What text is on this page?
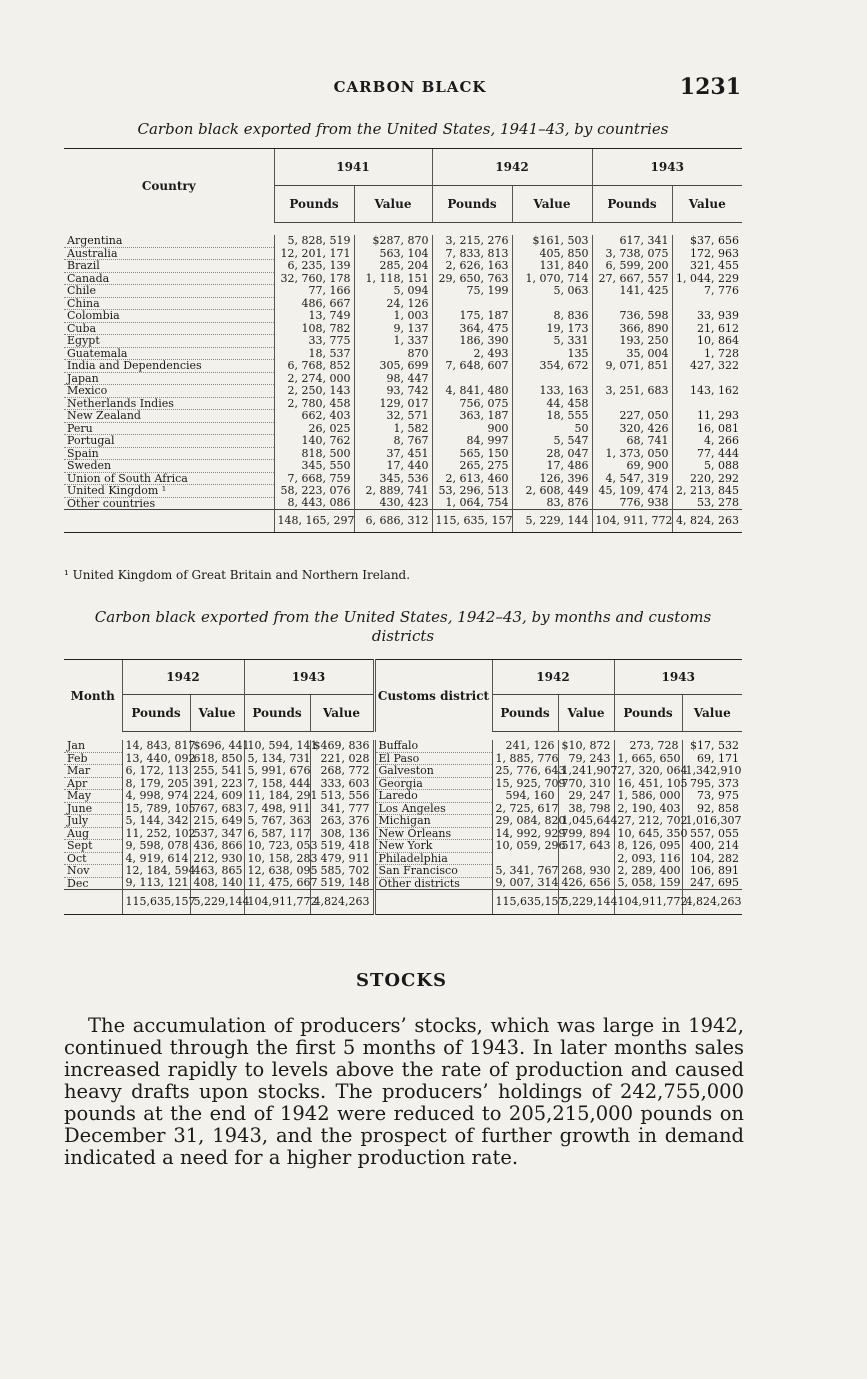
CARBON BLACK	1231
Carbon black exported from the United States, 1941–43, by countries
Country	1941		1942		1943	
	Pounds	Value	Pounds	Value	Pounds	Value

Argentina	5, 828, 519	$287, 870	3, 215, 276	$161, 503	617, 341	$37, 656
Australia	12, 201, 171	563, 104	7, 833, 813	405, 850	3, 738, 075	172, 963
Brazil	6, 235, 139	285, 204	2, 626, 163	131, 840	6, 599, 200	321, 455
Canada	32, 760, 178	1, 118, 151	29, 650, 763	1, 070, 714	27, 667, 557	1, 044, 229
Chile	77, 166	5, 094	75, 199	5, 063	141, 425	7, 776
China	486, 667	24, 126				
Colombia	13, 749	1, 003	175, 187	8, 836	736, 598	33, 939
Cuba	108, 782	9, 137	364, 475	19, 173	366, 890	21, 612
Egypt	33, 775	1, 337	186, 390	5, 331	193, 250	10, 864
Guatemala	18, 537	870	2, 493	135	35, 004	1, 728
India and Dependencies	6, 768, 852	305, 699	7, 648, 607	354, 672	9, 071, 851	427, 322
Japan	2, 274, 000	98, 447				
Mexico	2, 250, 143	93, 742	4, 841, 480	133, 163	3, 251, 683	143, 162
Netherlands Indies	2, 780, 458	129, 017	756, 075	44, 458		
New Zealand	662, 403	32, 571	363, 187	18, 555	227, 050	11, 293
Peru	26, 025	1, 582	900	50	320, 426	16, 081
Portugal	140, 762	8, 767	84, 997	5, 547	68, 741	4, 266
Spain	818, 500	37, 451	565, 150	28, 047	1, 373, 050	77, 444
Sweden	345, 550	17, 440	265, 275	17, 486	69, 900	5, 088
Union of South Africa	7, 668, 759	345, 536	2, 613, 460	126, 396	4, 547, 319	220, 292
United Kingdom ¹	58, 223, 076	2, 889, 741	53, 296, 513	2, 608, 449	45, 109, 474	2, 213, 845
Other countries	8, 443, 086	430, 423	1, 064, 754	83, 876	776, 938	53, 278
	148, 165, 297	6, 686, 312	115, 635, 157	5, 229, 144	104, 911, 772	4, 824, 263
¹ United Kingdom of Great Britain and Northern Ireland.
Carbon black exported from the United States, 1942–43, by months and customs
districts
Month	1942		1943		Customs district	1942		1943	
	Pounds	Value	Pounds	Value		Pounds	Value	Pounds	Value

Jan	14, 843, 817	$696, 441	10, 594, 141	$469, 836	Buffalo	241, 126	$10, 872	273, 728	$17, 532
Feb	13, 440, 092	618, 850	5, 134, 731	221, 028	El Paso	1, 885, 776	79, 243	1, 665, 650	69, 171
Mar	6, 172, 113	255, 541	5, 991, 676	268, 772	Galveston	25, 776, 643	1,241,907	27, 320, 064	1,342,910
Apr	8, 179, 205	391, 223	7, 158, 444	333, 603	Georgia	15, 925, 709	770, 310	16, 451, 105	795, 373
May	4, 998, 974	224, 609	11, 184, 291	513, 556	Laredo	594, 160	29, 247	1, 586, 000	73, 975
June	15, 789, 105	767, 683	7, 498, 911	341, 777	Los Angeles	2, 725, 617	38, 798	2, 190, 403	92, 858
July	5, 144, 342	215, 649	5, 767, 363	263, 376	Michigan	29, 084, 820	1,045,644	27, 212, 702	1,016,307
Aug	11, 252, 102	537, 347	6, 587, 117	308, 136	New Orleans	14, 992, 929	799, 894	10, 645, 350	557, 055
Sept	9, 598, 078	436, 866	10, 723, 053	519, 418	New York	10, 059, 296	517, 643	8, 126, 095	400, 214
Oct	4, 919, 614	212, 930	10, 158, 283	479, 911	Philadelphia			2, 093, 116	104, 282
Nov	12, 184, 594	463, 865	12, 638, 095	585, 702	San Francisco	5, 341, 767	268, 930	2, 289, 400	106, 891
Dec	9, 113, 121	408, 140	11, 475, 667	519, 148	Other districts	9, 007, 314	426, 656	5, 058, 159	247, 695
	115,635,157	5,229,144	104,911,772	4,824,263		115,635,157	5,229,144	104,911,772	4,824,263
STOCKS
The accumulation of producers’ stocks, which was large in 1942, continued through the first 5 months of 1943. In later months sales increased rapidly to levels above the rate of production and caused heavy drafts upon stocks. The producers’ holdings of 242,755,000 pounds at the end of 1942 were reduced to 205,215,000 pounds on December 31, 1943, and the prospect of further growth in demand indicated a need for a higher production rate.
